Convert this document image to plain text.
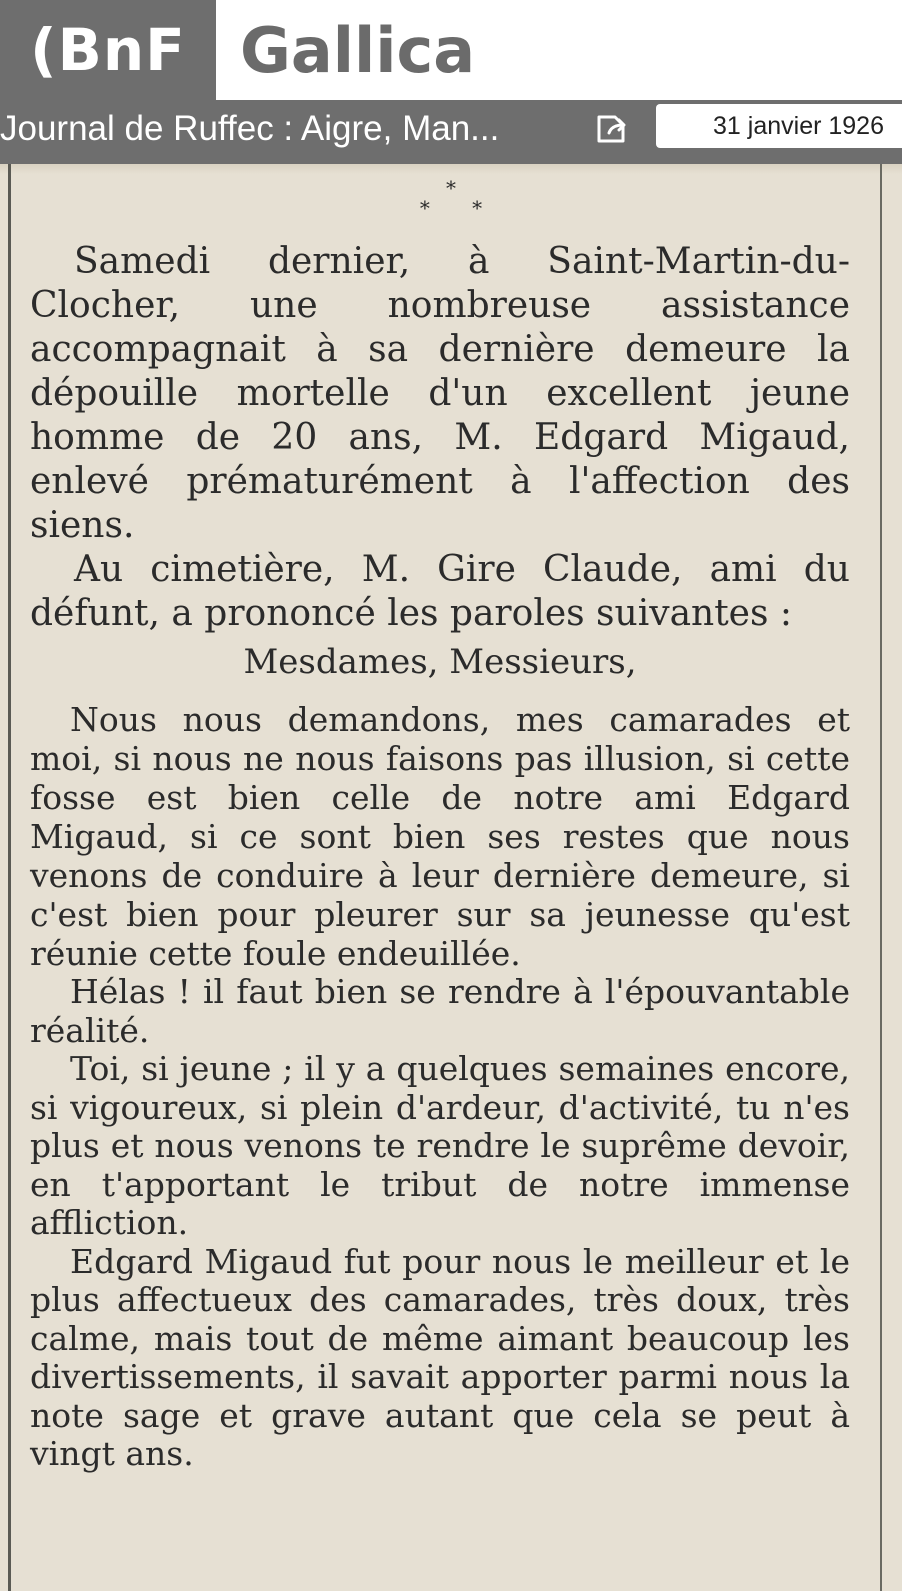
(BnF Gallica
Journal de Ruffec : Aigre, Man...	31 janvier 1926
*
* *

Samedi dernier, à Saint-Martin-du-Clocher, une nombreuse assistance accompagnait à sa dernière demeure la dépouille mortelle d'un excellent jeune homme de 20 ans, M. Edgard Migaud, enlevé prématurément à l'affection des siens.

Au cimetière, M. Gire Claude, ami du défunt, a prononcé les paroles suivantes :

Mesdames, Messieurs,

Nous nous demandons, mes camarades et moi, si nous ne nous faisons pas illusion, si cette fosse est bien celle de notre ami Edgard Migaud, si ce sont bien ses restes que nous venons de conduire à leur dernière demeure, si c'est bien pour pleurer sur sa jeunesse qu'est réunie cette foule endeuillée.

Hélas ! il faut bien se rendre à l'épouvantable réalité.

Toi, si jeune ; il y a quelques semaines encore, si vigoureux, si plein d'ardeur, d'activité, tu n'es plus et nous venons te rendre le suprême devoir, en t'apportant le tribut de notre immense affliction.

Edgard Migaud fut pour nous le meilleur et le plus affectueux des camarades, très doux, très calme, mais tout de même aimant beaucoup les divertissements, il savait apporter parmi nous la note sage et grave autant que cela se peut à vingt ans.
